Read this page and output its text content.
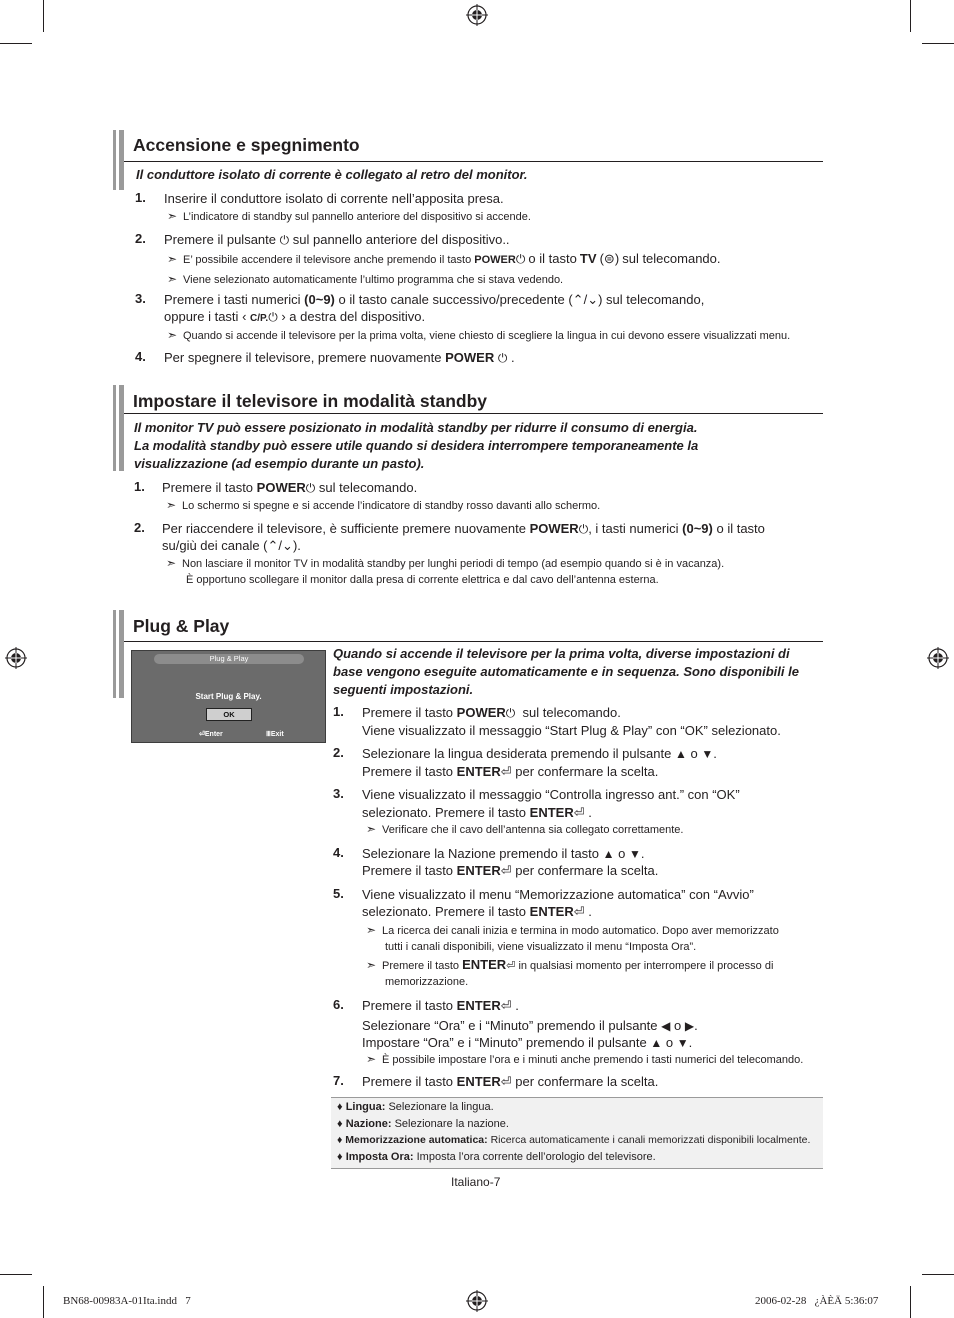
Accensione e spegnimento
Il conduttore isolato di corrente è collegato al retro del monitor.
1. Inserire il conduttore isolato di corrente nell’apposita presa.
➣ L’indicatore di standby sul pannello anteriore del dispositivo si accende.
2. Premere il pulsante ⏻ sul pannello anteriore del dispositivo..
➣ E’ possibile accendere il televisore anche premendo il tasto POWER⏻ o il tasto TV (⊜) sul telecomando.
➣ Viene selezionato automaticamente l’ultimo programma che si stava vedendo.
3. Premere i tasti numerici (0~9) o il tasto canale successivo/precedente (⌃/⌄) sul telecomando,
oppure i tasti ‹ C/P.⏻ › a destra del dispositivo.
➣ Quando si accende il televisore per la prima volta, viene chiesto di scegliere la lingua in cui devono essere visualizzati menu.
4. Per spegnere il televisore, premere nuovamente POWER ⏻ .
Impostare il televisore in modalità standby
Il monitor TV può essere posizionato in modalità standby per ridurre il consumo di energia.
La modalità standby può essere utile quando si desidera interrompere temporaneamente la
visualizzazione (ad esempio durante un pasto).
1. Premere il tasto POWER⏻ sul telecomando.
➣ Lo schermo si spegne e si accende l’indicatore di standby rosso davanti allo schermo.
2. Per riaccendere il televisore, è sufficiente premere nuovamente POWER⏻, i tasti numerici (0~9) o il tasto
su/giù dei canale (⌃/⌄).
➣ Non lasciare il monitor TV in modalità standby per lunghi periodi di tempo (ad esempio quando si è in vacanza).
È opportuno scollegare il monitor dalla presa di corrente elettrica e dal cavo dell’antenna esterna.
Plug & Play
Plug & Play
Start Plug & Play.
OK
⏎Enter	ⅢExit
Quando si accende il televisore per la prima volta, diverse impostazioni di
base vengono eseguite automaticamente e in sequenza. Sono disponibili le
seguenti impostazioni.
1. Premere il tasto POWER⏻ sul telecomando.
Viene visualizzato il messaggio “Start Plug & Play” con “OK” selezionato.
2. Selezionare la lingua desiderata premendo il pulsante ▲ o ▼.
Premere il tasto ENTER⏎ per confermare la scelta.
3. Viene visualizzato il messaggio “Controlla ingresso ant.” con “OK”
selezionato. Premere il tasto ENTER⏎ .
➣ Verificare che il cavo dell’antenna sia collegato correttamente.
4. Selezionare la Nazione premendo il tasto ▲ o ▼.
Premere il tasto ENTER⏎ per confermare la scelta.
5. Viene visualizzato il menu “Memorizzazione automatica” con “Avvio”
selezionato. Premere il tasto ENTER⏎ .
➣ La ricerca dei canali inizia e termina in modo automatico. Dopo aver memorizzato
tutti i canali disponibili, viene visualizzato il menu “Imposta Ora”.
➣ Premere il tasto ENTER⏎ in qualsiasi momento per interrompere il processo di
memorizzazione.
6. Premere il tasto ENTER⏎ .
Selezionare “Ora” e i “Minuto” premendo il pulsante ◀ o ▶.
Impostare “Ora” e i “Minuto” premendo il pulsante ▲ o ▼.
➣ È possibile impostare l’ora e i minuti anche premendo i tasti numerici del telecomando.
7. Premere il tasto ENTER⏎ per confermare la scelta.
♦ Lingua: Selezionare la lingua.
♦ Nazione: Selezionare la nazione.
♦ Memorizzazione automatica: Ricerca automaticamente i canali memorizzati disponibili localmente.
♦ Imposta Ora: Imposta l’ora corrente dell’orologio del televisore.
Italiano-7
BN68-00983A-01Ita.indd   7	2006-02-28   ¿ÀÈÄ 5:36:07
